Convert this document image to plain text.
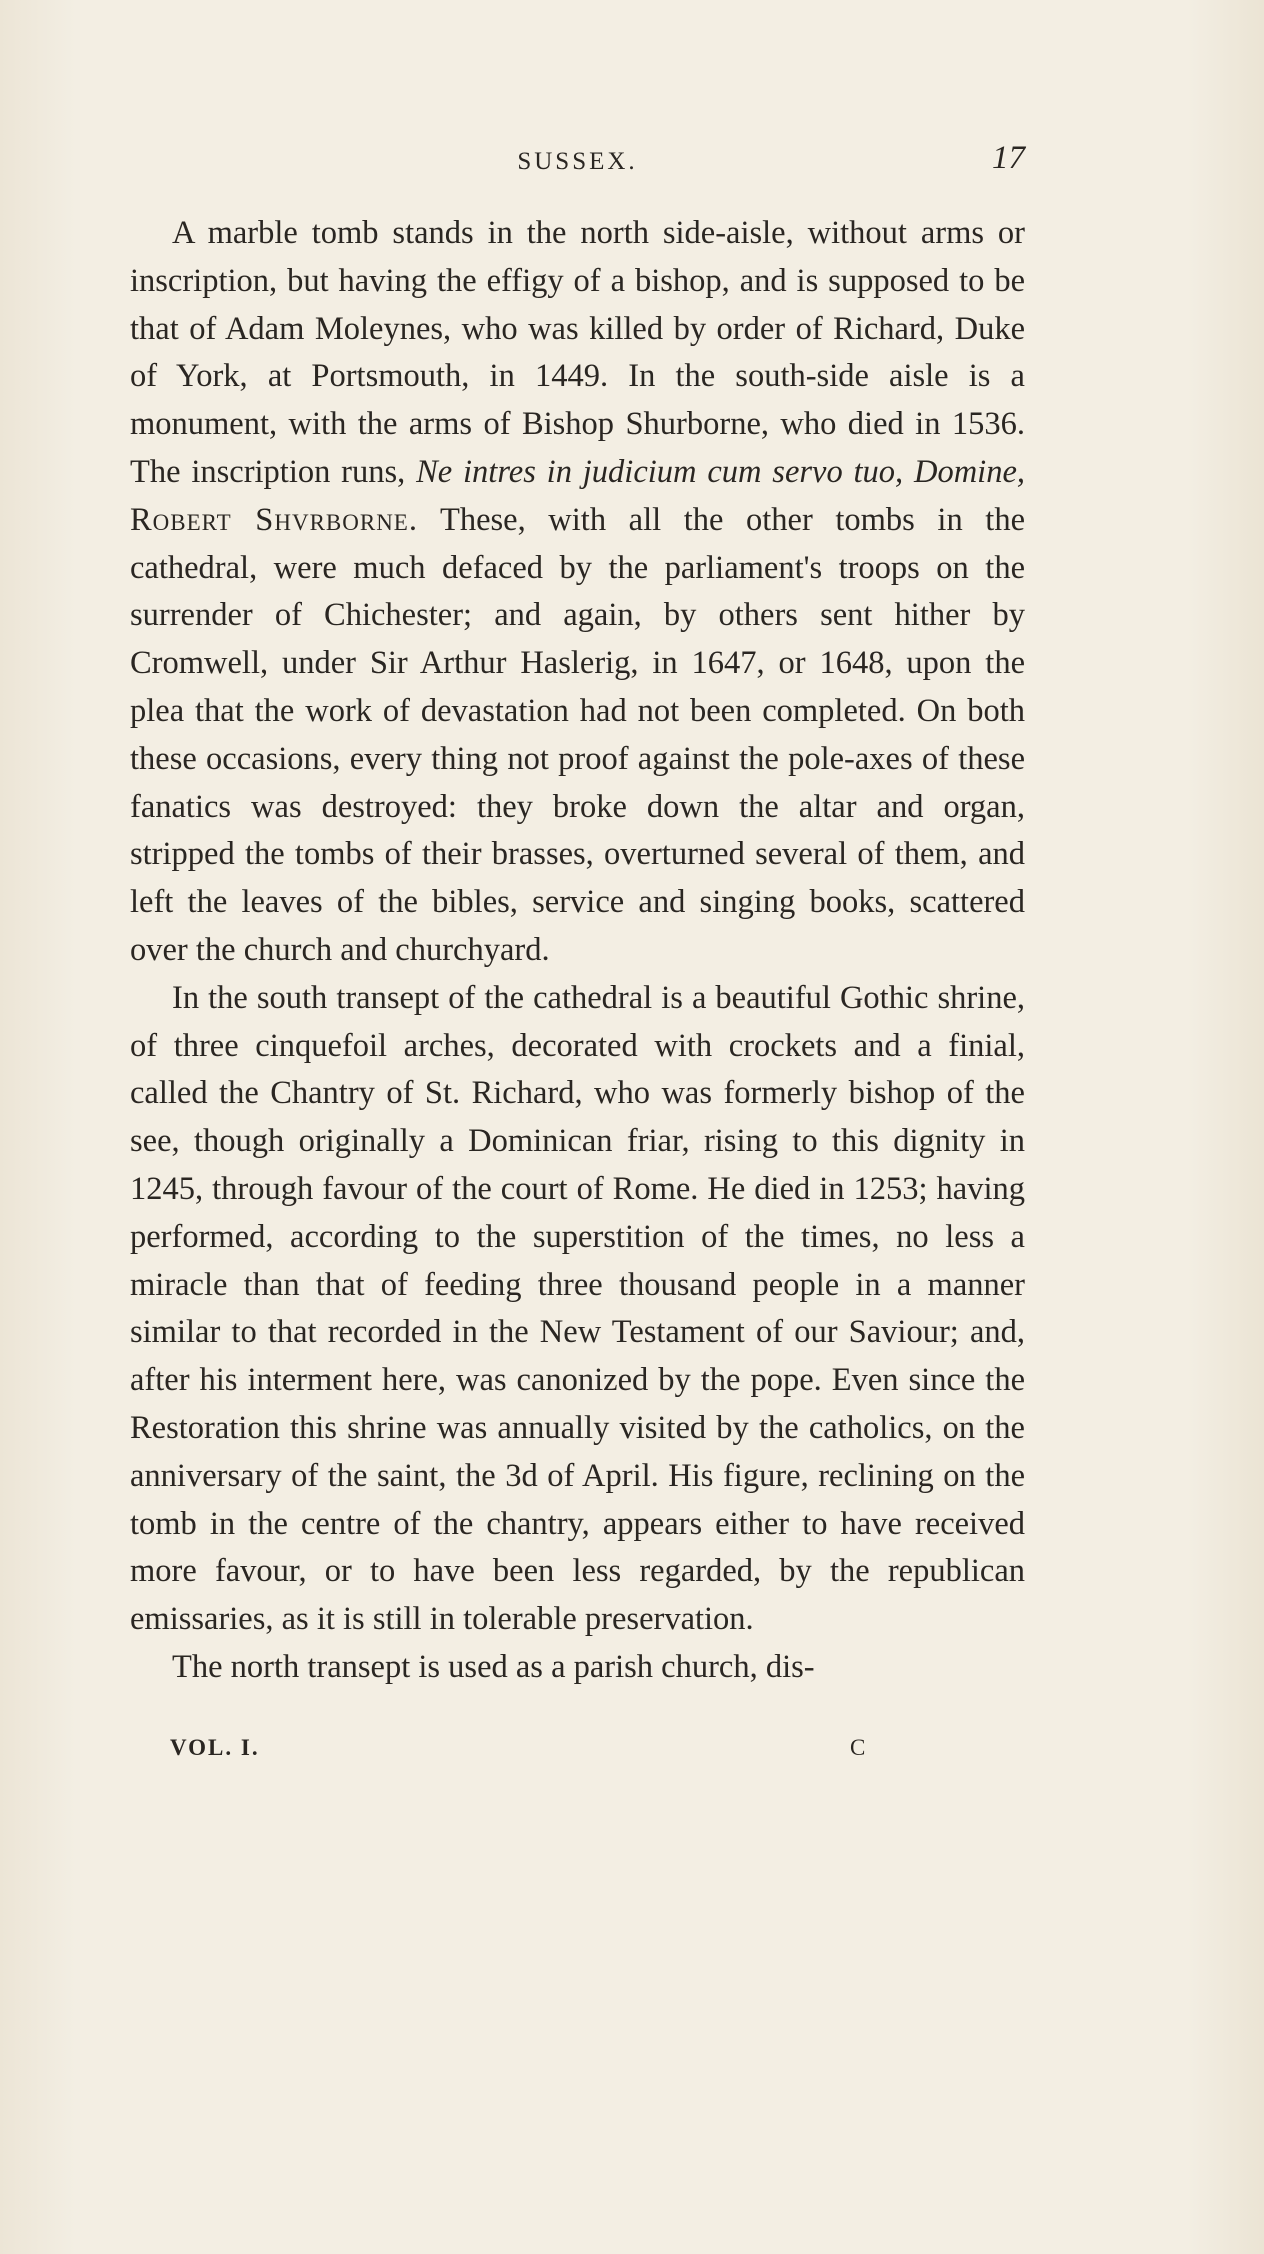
SUSSEX.	17

A marble tomb stands in the north side-aisle, without arms or inscription, but having the effigy of a bishop, and is supposed to be that of Adam Moleynes, who was killed by order of Richard, Duke of York, at Portsmouth, in 1449. In the south-side aisle is a monument, with the arms of Bishop Shurborne, who died in 1536. The inscription runs, Ne intres in judicium cum servo tuo, Domine, Robert Shvrborne. These, with all the other tombs in the cathedral, were much defaced by the parliament's troops on the surrender of Chichester; and again, by others sent hither by Cromwell, under Sir Arthur Haslerig, in 1647, or 1648, upon the plea that the work of devastation had not been completed. On both these occasions, every thing not proof against the pole-axes of these fanatics was destroyed: they broke down the altar and organ, stripped the tombs of their brasses, overturned several of them, and left the leaves of the bibles, service and singing books, scattered over the church and churchyard.

In the south transept of the cathedral is a beautiful Gothic shrine, of three cinquefoil arches, decorated with crockets and a finial, called the Chantry of St. Richard, who was formerly bishop of the see, though originally a Dominican friar, rising to this dignity in 1245, through favour of the court of Rome. He died in 1253; having performed, according to the superstition of the times, no less a miracle than that of feeding three thousand people in a manner similar to that recorded in the New Testament of our Saviour; and, after his interment here, was canonized by the pope. Even since the Restoration this shrine was annually visited by the catholics, on the anniversary of the saint, the 3d of April. His figure, reclining on the tomb in the centre of the chantry, appears either to have received more favour, or to have been less regarded, by the republican emissaries, as it is still in tolerable preservation.

The north transept is used as a parish church, dis-

VOL. I.	C
